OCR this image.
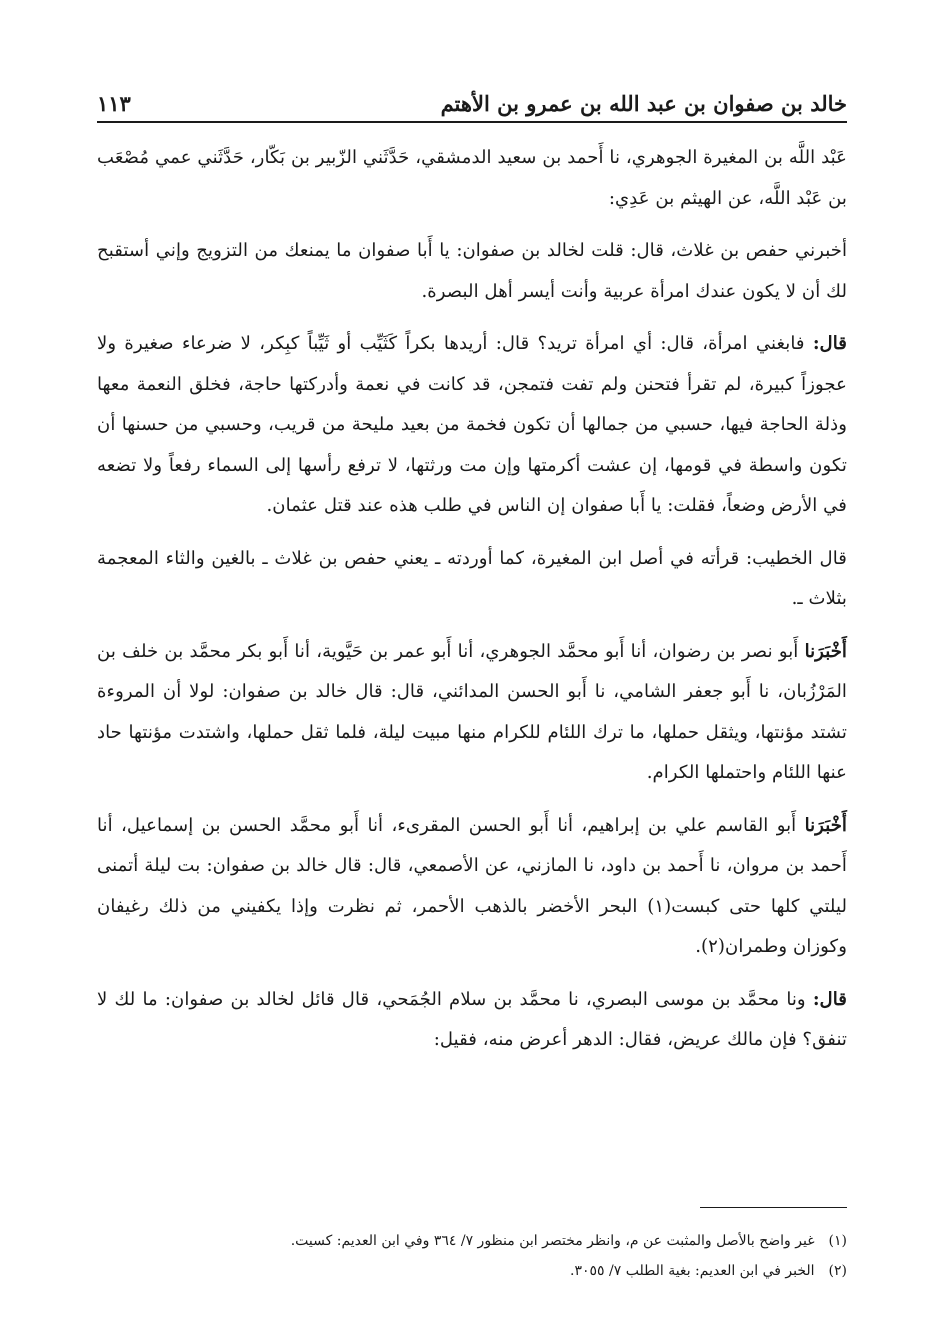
خالد بن صفوان بن عبد الله بن عمرو بن الأهتم
١١٣

عَبْد اللَّه بن المغيرة الجوهري، نا أَحمد بن سعيد الدمشقي، حَدَّثَني الزّبير بن بَكّار، حَدَّثَني عمي مُصْعَب بن عَبْد اللَّه، عن الهيثم بن عَدِي:

أخبرني حفص بن غلاث، قال: قلت لخالد بن صفوان: يا أَبا صفوان ما يمنعك من التزويج وإني أستقبح لك أن لا يكون عندك امرأة عربية وأنت أيسر أهل البصرة.

قال: فابغني امرأة، قال: أي امرأة تريد؟ قال: أريدها بكراً كَثَيِّب أو ثَيِّباً كبِكر، لا ضرعاء صغيرة ولا عجوزاً كبيرة، لم تقرأ فتحنن ولم تفت فتمجن، قد كانت في نعمة وأدركتها حاجة، فخلق النعمة معها وذلة الحاجة فيها، حسبي من جمالها أن تكون فخمة من بعيد مليحة من قريب، وحسبي من حسنها أن تكون واسطة في قومها، إن عشت أكرمتها وإن مت ورثتها، لا ترفع رأسها إلى السماء رفعاً ولا تضعه في الأرض وضعاً، فقلت: يا أَبا صفوان إن الناس في طلب هذه عند قتل عثمان.

قال الخطيب: قرأته في أصل ابن المغيرة، كما أوردته ـ يعني حفص بن غلاث ـ بالغين والثاء المعجمة بثلاث ـ.

أَخْبَرَنا أَبو نصر بن رضوان، أنا أَبو محمَّد الجوهري، أنا أَبو عمر بن حَيَّوية، أنا أَبو بكر محمَّد بن خلف بن المَرْزُبان، نا أَبو جعفر الشامي، نا أَبو الحسن المدائني، قال: قال خالد بن صفوان: لولا أن المروءة تشتد مؤنتها، ويثقل حملها، ما ترك اللئام للكرام منها مبيت ليلة، فلما ثقل حملها، واشتدت مؤنتها حاد عنها اللئام واحتملها الكرام.

أَخْبَرَنا أَبو القاسم علي بن إبراهيم، أنا أَبو الحسن المقرىء، أنا أَبو محمَّد الحسن بن إسماعيل، أنا أَحمد بن مروان، نا أَحمد بن داود، نا المازني، عن الأصمعي، قال: قال خالد بن صفوان: بت ليلة أتمنى ليلتي كلها حتى كبست(١) البحر الأخضر بالذهب الأحمر، ثم نظرت وإذا يكفيني من ذلك رغيفان وكوزان وطمران(٢).

قال: ونا محمَّد بن موسى البصري، نا محمَّد بن سلام الجُمَحي، قال قائل لخالد بن صفوان: ما لك لا تنفق؟ فإن مالك عريض، فقال: الدهر أعرض منه، فقيل:

(١)غير واضح بالأصل والمثبت عن م، وانظر مختصر ابن منظور ٧/ ٣٦٤ وفي ابن العديم: كسيت.

(٢)الخبر في ابن العديم: بغية الطلب ٧/ ٣٠٥٥.
